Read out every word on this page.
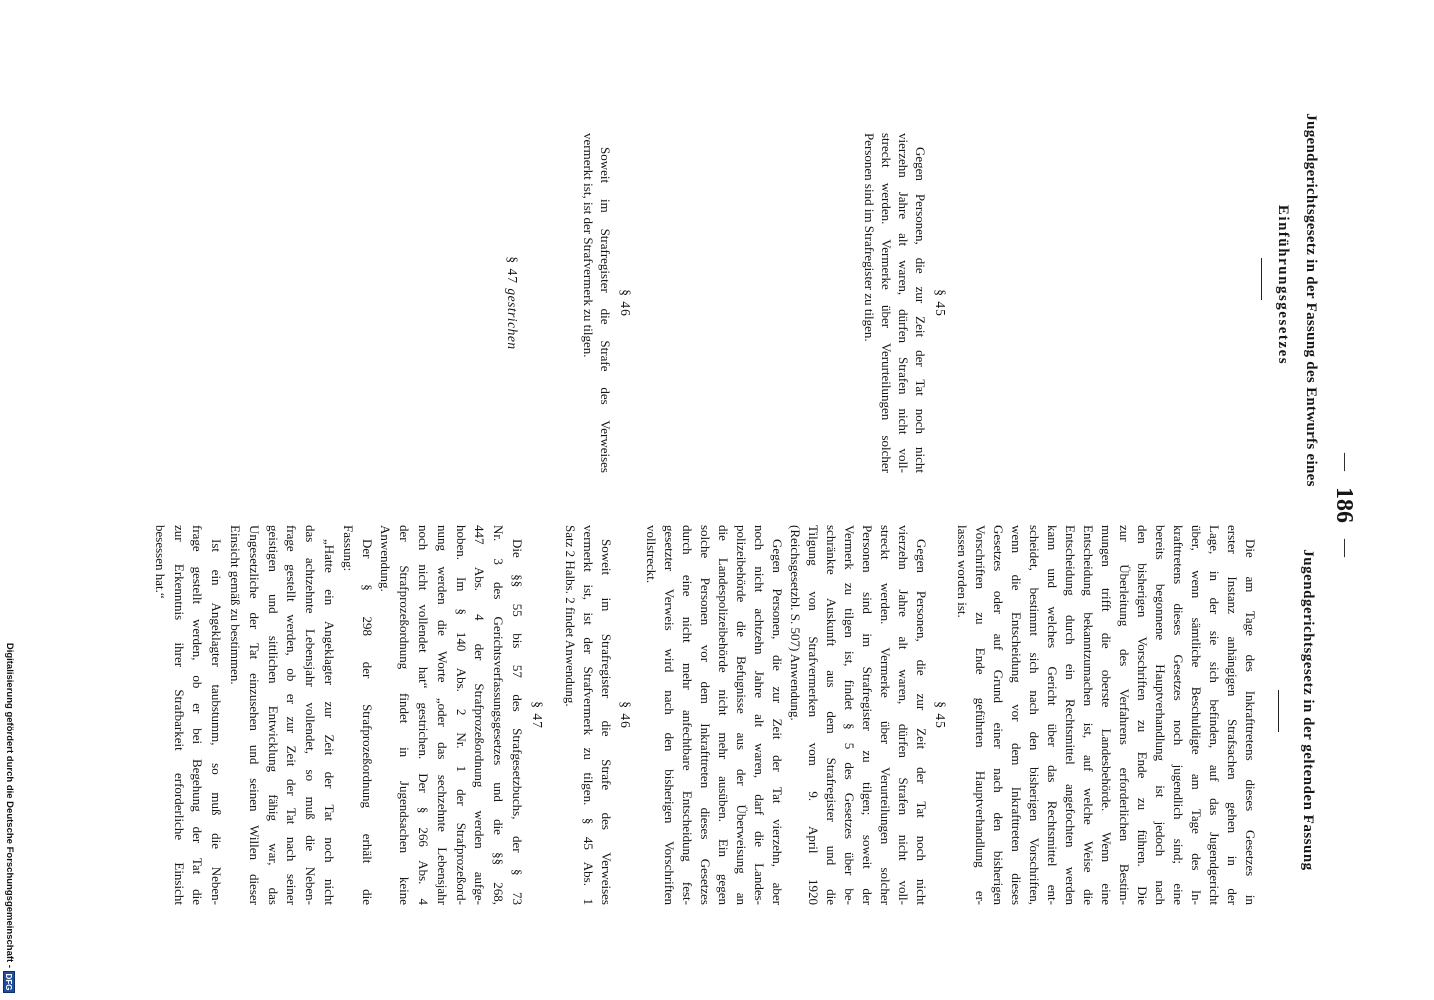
—186—
Jugendgerichtsgesetz in der Fassung des Entwurfs eines
Einführungsgesetzes
Jugendgerichtsgesetz in der geltenden Fassung
§ 45
Gegen Personen, die zur Zeit der Tat noch nicht
vierzehn Jahre alt waren, dürfen Strafen nicht voll-
streckt werden. Vermerke über Verurteilungen solcher
Personen sind im Strafregister zu tilgen.
§ 46
Soweit im Strafregister die Strafe des Verweises
vermerkt ist, ist der Strafvermerk zu tilgen.
§ 47 gestrichen
Die am Tage des Inkrafttretens dieses Gesetzes in
erster Instanz anhängigen Strafsachen gehen in der
Lage, in der sie sich befinden, auf das Jugendgericht
über, wenn sämtliche Beschuldigte am Tage des In-
krafttretens dieses Gesetzes noch jugendlich sind; eine
bereits begonnene Hauptverhandlung ist jedoch nach
den bisherigen Vorschriften zu Ende zu führen. Die
zur Überleitung des Verfahrens erforderlichen Bestim-
mungen trifft die oberste Landesbehörde. Wenn eine
Entscheidung bekanntzumachen ist, auf welche Weise die
Entscheidung durch ein Rechtsmittel angefochten werden
kann und welches Gericht über das Rechtsmittel ent-
scheidet, bestimmt sich nach den bisherigen Vorschriften,
wenn die Entscheidung vor dem Inkrafttreten dieses
Gesetzes oder auf Grund einer nach den bisherigen
Vorschriften zu Ende geführten Hauptverhandlung er-
lassen worden ist.
§ 45
Gegen Personen, die zur Zeit der Tat noch nicht
vierzehn Jahre alt waren, dürfen Strafen nicht voll-
streckt werden. Vermerke über Verurteilungen solcher
Personen sind im Strafregister zu tilgen; soweit der
Vermerk zu tilgen ist, findet § 5 des Gesetzes über be-
schränkte Auskunft aus dem Strafregister und die
Tilgung von Strafvermerken vom 9. April 1920
(Reichsgesetzbl. S. 507) Anwendung.
Gegen Personen, die zur Zeit der Tat vierzehn, aber
noch nicht achtzehn Jahre alt waren, darf die Landes-
polizeibehörde die Befugnisse aus der Überweisung an
die Landespolizeibehörde nicht mehr ausüben. Ein gegen
solche Personen vor dem Inkrafttreten dieses Gesetzes
durch eine nicht mehr anfechtbare Entscheidung fest-
gesetzter Verweis wird nach den bisherigen Vorschriften
vollstreckt.
§ 46
Soweit im Strafregister die Strafe des Verweises
vermerkt ist, ist der Strafvermerk zu tilgen. § 45 Abs. 1
Satz 2 Halbs. 2 findet Anwendung.
§ 47
Die §§ 55 bis 57 des Strafgesetzbuchs, der § 73
Nr. 3 des Gerichtsverfassungsgesetzes und die §§ 268,
447 Abs. 4 der Strafprozeßordnung werden aufge-
hoben. Im § 140 Abs. 2 Nr. 1 der Strafprozeßord-
nung werden die Worte „oder das sechzehnte Lebensjahr
noch nicht vollendet hat“ gestrichen. Der § 266 Abs. 4
der Strafprozeßordnung findet in Jugendsachen keine
Anwendung.
Der § 298 der Strafprozeßordnung erhält die
Fassung:
„Hatte ein Angeklagter zur Zeit der Tat noch nicht
das achtzehnte Lebensjahr vollendet, so muß die Neben-
frage gestellt werden, ob er zur Zeit der Tat nach seiner
geistigen und sittlichen Entwicklung fähig war, das
Ungesetzliche der Tat einzusehen und seinen Willen dieser
Einsicht gemäß zu bestimmen.
Ist ein Angeklagter taubstumm, so muß die Neben-
frage gestellt werden, ob er bei Begehung der Tat die
zur Erkenntnis ihrer Strafbarkeit erforderliche Einsicht
besessen hat.“
Digitalisierung gefördert durch die Deutsche Forschungsgemeinschaft -
DFG
